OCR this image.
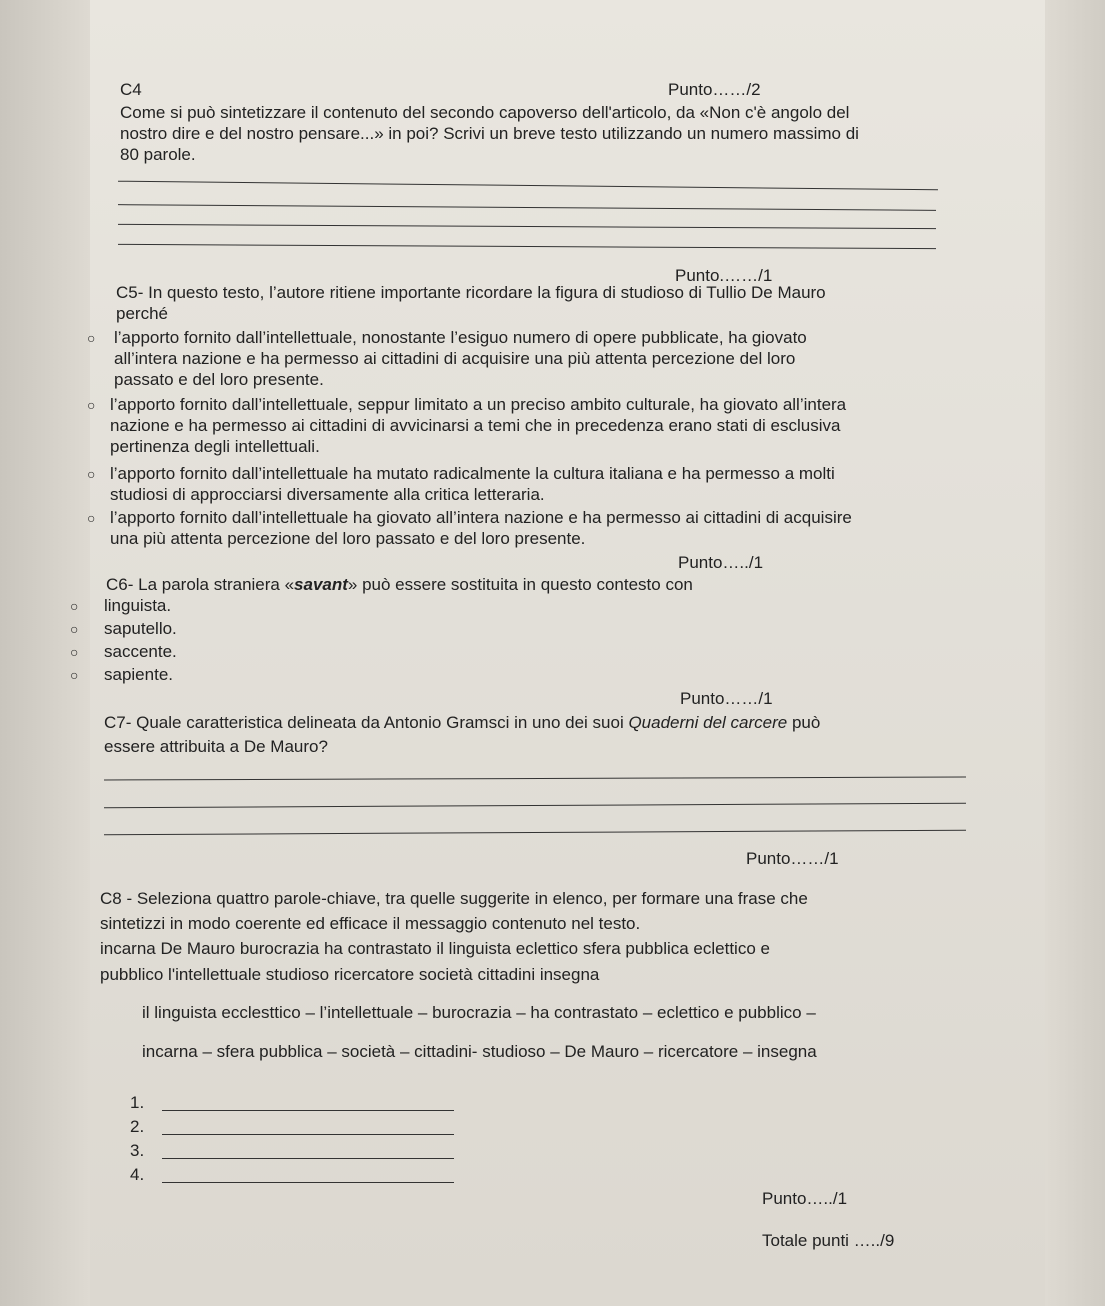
C4	Punto……/2
Come si può sintetizzare il contenuto del secondo capoverso dell'articolo, da «Non c'è angolo del
nostro dire e del nostro pensare...» in poi? Scrivi un breve testo utilizzando un numero massimo di
80 parole.
Punto.……/1
C5- In questo testo, l’autore ritiene importante ricordare la figura di studioso di Tullio De Mauro
perché
○ l’apporto fornito dall’intellettuale, nonostante l’esiguo numero di opere pubblicate, ha giovato
all’intera nazione e ha permesso ai cittadini di acquisire una più attenta percezione del loro
passato e del loro presente.
○ l’apporto fornito dall’intellettuale, seppur limitato a un preciso ambito culturale, ha giovato all’intera
nazione e ha permesso ai cittadini di avvicinarsi a temi che in precedenza erano stati di esclusiva
pertinenza degli intellettuali.
○ l’apporto fornito dall’intellettuale ha mutato radicalmente la cultura italiana e ha permesso a molti
studiosi di approcciarsi diversamente alla critica letteraria.
○ l’apporto fornito dall’intellettuale ha giovato all’intera nazione e ha permesso ai cittadini di acquisire
una più attenta percezione del loro passato e del loro presente.
Punto…../1
C6- La parola straniera «savant» può essere sostituita in questo contesto con
○ linguista.
○ saputello.
○ saccente.
○ sapiente.
Punto……/1
C7- Quale caratteristica delineata da Antonio Gramsci in uno dei suoi Quaderni del carcere può
essere attribuita a De Mauro?
Punto……/1
C8 - Seleziona quattro parole-chiave, tra quelle suggerite in elenco, per formare una frase che
sintetizzi in modo coerente ed efficace il messaggio contenuto nel testo.
incarna De Mauro burocrazia ha contrastato il linguista eclettico sfera pubblica eclettico e
pubblico l'intellettuale studioso ricercatore società cittadini insegna
il linguista ecclesttico – l’intellettuale – burocrazia – ha contrastato – eclettico e pubblico –
incarna – sfera pubblica – società – cittadini- studioso – De Mauro – ricercatore – insegna
1.
2.
3.
4.
Punto…../1
Totale punti …../9
